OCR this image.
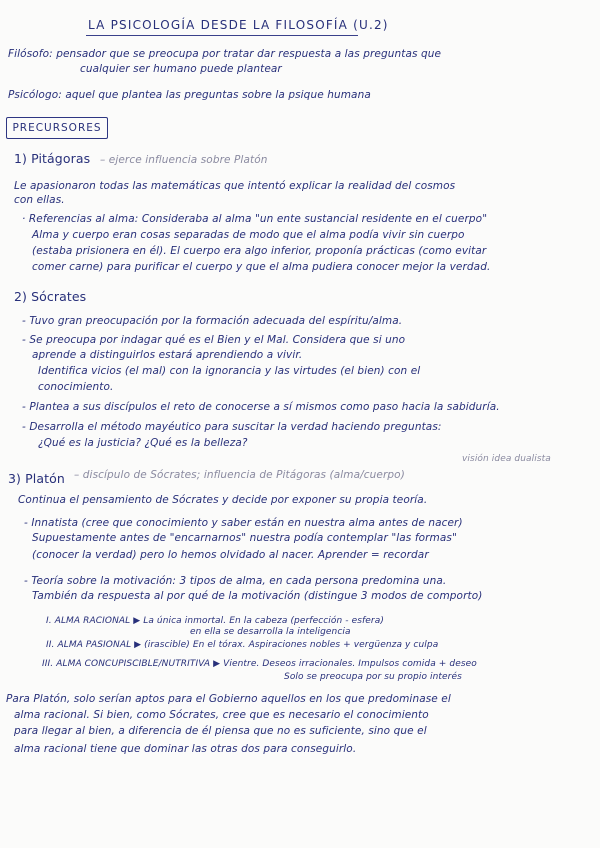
LA PSICOLOGÍA DESDE LA FILOSOFÍA (U.2)
Filósofo: pensador que se preocupa por tratar dar respuesta a las preguntas que
cualquier ser humano puede plantear
Psicólogo: aquel que plantea las preguntas sobre la psique humana
PRECURSORES
1) Pitágoras – ejerce influencia sobre Platón
Le apasionaron todas las matemáticas que intentó explicar la realidad del cosmos
con ellas.
· Referencias al alma: Consideraba al alma "un ente sustancial residente en el cuerpo"
Alma y cuerpo eran cosas separadas de modo que el alma podía vivir sin cuerpo
(estaba prisionera en él). El cuerpo era algo inferior, proponía prácticas (como evitar
comer carne) para purificar el cuerpo y que el alma pudiera conocer mejor la verdad.
2) Sócrates
- Tuvo gran preocupación por la formación adecuada del espíritu/alma.
- Se preocupa por indagar qué es el Bien y el Mal. Considera que si uno
aprende a distinguirlos estará aprendiendo a vivir.
Identifica vicios (el mal) con la ignorancia y las virtudes (el bien) con el
conocimiento.
- Plantea a sus discípulos el reto de conocerse a sí mismos como paso hacia la sabiduría.
- Desarrolla el método mayéutico para suscitar la verdad haciendo preguntas:
¿Qué es la justicia? ¿Qué es la belleza?
visión idea dualista
3) Platón – discípulo de Sócrates; influencia de Pitágoras (alma/cuerpo)
Continua el pensamiento de Sócrates y decide por exponer su propia teoría.
- Innatista (cree que conocimiento y saber están en nuestra alma antes de nacer)
Supuestamente antes de "encarnarnos" nuestra podía contemplar "las formas"
(conocer la verdad) pero lo hemos olvidado al nacer. Aprender = recordar
- Teoría sobre la motivación: 3 tipos de alma, en cada persona predomina una.
También da respuesta al por qué de la motivación (distingue 3 modos de comporto)
I. ALMA RACIONAL ▶ La única inmortal. En la cabeza (perfección - esfera)
en ella se desarrolla la inteligencia
II. ALMA PASIONAL ▶ (irascible) En el tórax. Aspiraciones nobles + vergüenza y culpa
III. ALMA CONCUPISCIBLE/NUTRITIVA ▶ Vientre. Deseos irracionales. Impulsos comida + deseo
Solo se preocupa por su propio interés
Para Platón, solo serían aptos para el Gobierno aquellos en los que predominase el
alma racional. Si bien, como Sócrates, cree que es necesario el conocimiento
para llegar al bien, a diferencia de él piensa que no es suficiente, sino que el
alma racional tiene que dominar las otras dos para conseguirlo.
